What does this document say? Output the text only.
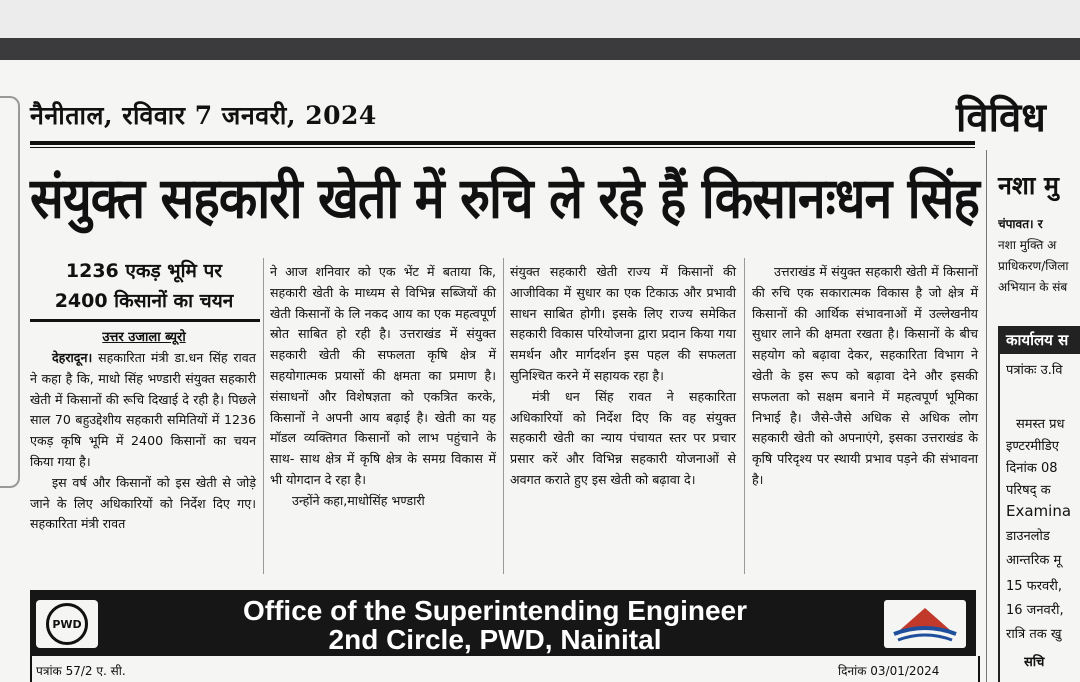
नैनीताल, रविवार 7 जनवरी, 2024	विविध
संयुक्त सहकारी खेती में रुचि ले रहे हैं किसानःधन सिंह
1236 एकड़ भूमि पर
2400 किसानों का चयन
उत्तर उजाला ब्यूरो

देहरादून। सहकारिता मंत्री डा.धन सिंह रावत ने कहा है कि, माधो सिंह भण्डारी संयुक्त सहकारी खेती में किसानों की रूचि दिखाई दे रही है। पिछले साल 70 बहुउद्देशीय सहकारी समितियों में 1236 एकड़ कृषि भूमि में 2400 किसानों का चयन किया गया है।

इस वर्ष और किसानों को इस खेती से जोड़े जाने के लिए अधिकारियों को निर्देश दिए गए। सहकारिता मंत्री रावत

ने आज शनिवार को एक भेंट में बताया कि, सहकारी खेती के माध्यम से विभिन्न सब्जियों की खेती किसानों के लि नकद आय का एक महत्वपूर्ण स्रोत साबित हो रही है। उत्तराखंड में संयुक्त सहकारी खेती की सफलता कृषि क्षेत्र में सहयोगात्मक प्रयासों की क्षमता का प्रमाण है। संसाधनों और विशेषज्ञता को एकत्रित करके, किसानों ने अपनी आय बढ़ाई है। खेती का यह मॉडल व्यक्तिगत किसानों को लाभ पहुंचाने के साथ- साथ क्षेत्र में कृषि क्षेत्र के समग्र विकास में भी योगदान दे रहा है।

उन्होंने कहा,माधोसिंह भण्डारी

संयुक्त सहकारी खेती राज्य में किसानों की आजीविका में सुधार का एक टिकाऊ और प्रभावी साधन साबित होगी। इसके लिए राज्य समेकित सहकारी विकास परियोजना द्वारा प्रदान किया गया समर्थन और मार्गदर्शन इस पहल की सफलता सुनिश्चित करने में सहायक रहा है।

मंत्री धन सिंह रावत ने सहकारिता अधिकारियों को निर्देश दिए कि वह संयुक्त सहकारी खेती का न्याय पंचायत स्तर पर प्रचार प्रसार करें और विभिन्न सहकारी योजनाओं से अवगत कराते हुए इस खेती को बढ़ावा दे।

उत्तराखंड में संयुक्त सहकारी खेती में किसानों की रुचि एक सकारात्मक विकास है जो क्षेत्र में किसानों की आर्थिक संभावनाओं में उल्लेखनीय सुधार लाने की क्षमता रखता है। किसानों के बीच सहयोग को बढ़ावा देकर, सहकारिता विभाग ने खेती के इस रूप को बढ़ावा देने और इसकी सफलता को सक्षम बनाने में महत्वपूर्ण भूमिका निभाई है। जैसे-जैसे अधिक से अधिक लोग सहकारी खेती को अपनाएंगे, इसका उत्तराखंड के कृषि परिदृश्य पर स्थायी प्रभाव पड़ने की संभावना है।

PWD	Office of the Superintending Engineer
2nd Circle, PWD, Nainital
पत्रांक 57/2 ए. सी.	दिनांक 03/01/2024
नशा मु
चंपावत। र
नशा मुक्ति अ
प्राधिकरण/जिला
अभियान के संब
कार्यालय स
पत्रांकः उ.वि
समस्त प्रध
इण्टरमीडिए
दिनांक 08
परिषद् क
Examina
डाउनलोड
आन्तरिक मू
15 फरवरी,
16 जनवरी,
रात्रि तक खु
सचि
